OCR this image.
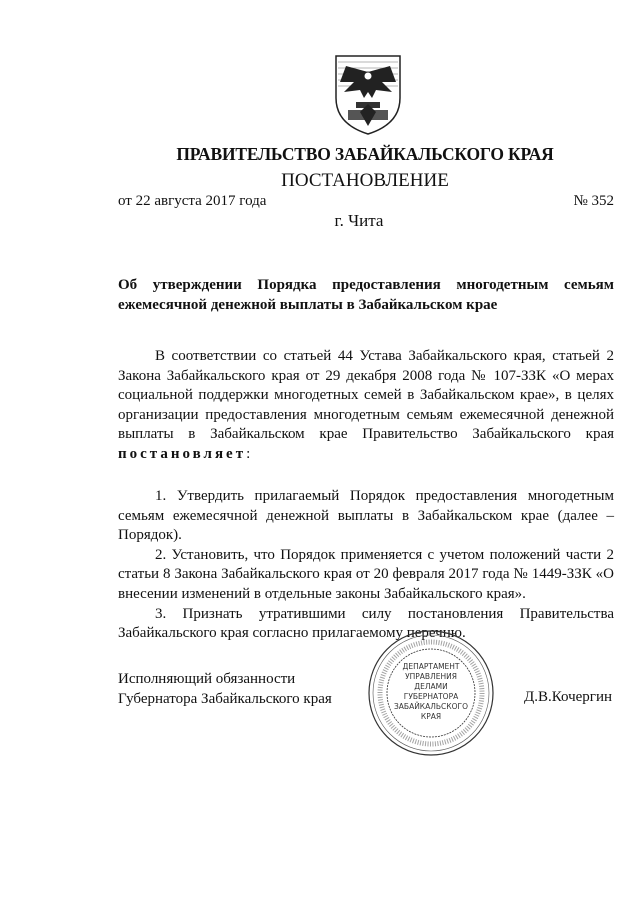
ПРАВИТЕЛЬСТВО ЗАБАЙКАЛЬСКОГО КРАЯ
ПОСТАНОВЛЕНИЕ
от 22 августа 2017 года	№ 352
г. Чита
Об утверждении Порядка предоставления многодетным семьям ежемесячной денежной выплаты в Забайкальском крае

В соответствии со статьей 44 Устава Забайкальского края, статьей 2 Закона Забайкальского края от 29 декабря 2008 года № 107-ЗЗК «О мерах социальной поддержки многодетных семей в Забайкальском крае», в целях организации предоставления многодетным семьям ежемесячной денежной выплаты в Забайкальском крае Правительство Забайкальского края постановляет:

1. Утвердить прилагаемый Порядок предоставления многодетным семьям ежемесячной денежной выплаты в Забайкальском крае (далее – Порядок).

2. Установить, что Порядок применяется с учетом положений части 2 статьи 8 Закона Забайкальского края от 20 февраля 2017 года № 1449-ЗЗК «О внесении изменений в отдельные законы Забайкальского края».

3. Признать утратившими силу постановления Правительства Забайкальского края согласно прилагаемому перечню.

Исполняющий обязанности
Губернатора Забайкальского края	Д.В.Кочергин
ДЕПАРТАМЕНТ
УПРАВЛЕНИЯ
ДЕЛАМИ
ГУБЕРНАТОРА
ЗАБАЙКАЛЬСКОГО
КРАЯ
